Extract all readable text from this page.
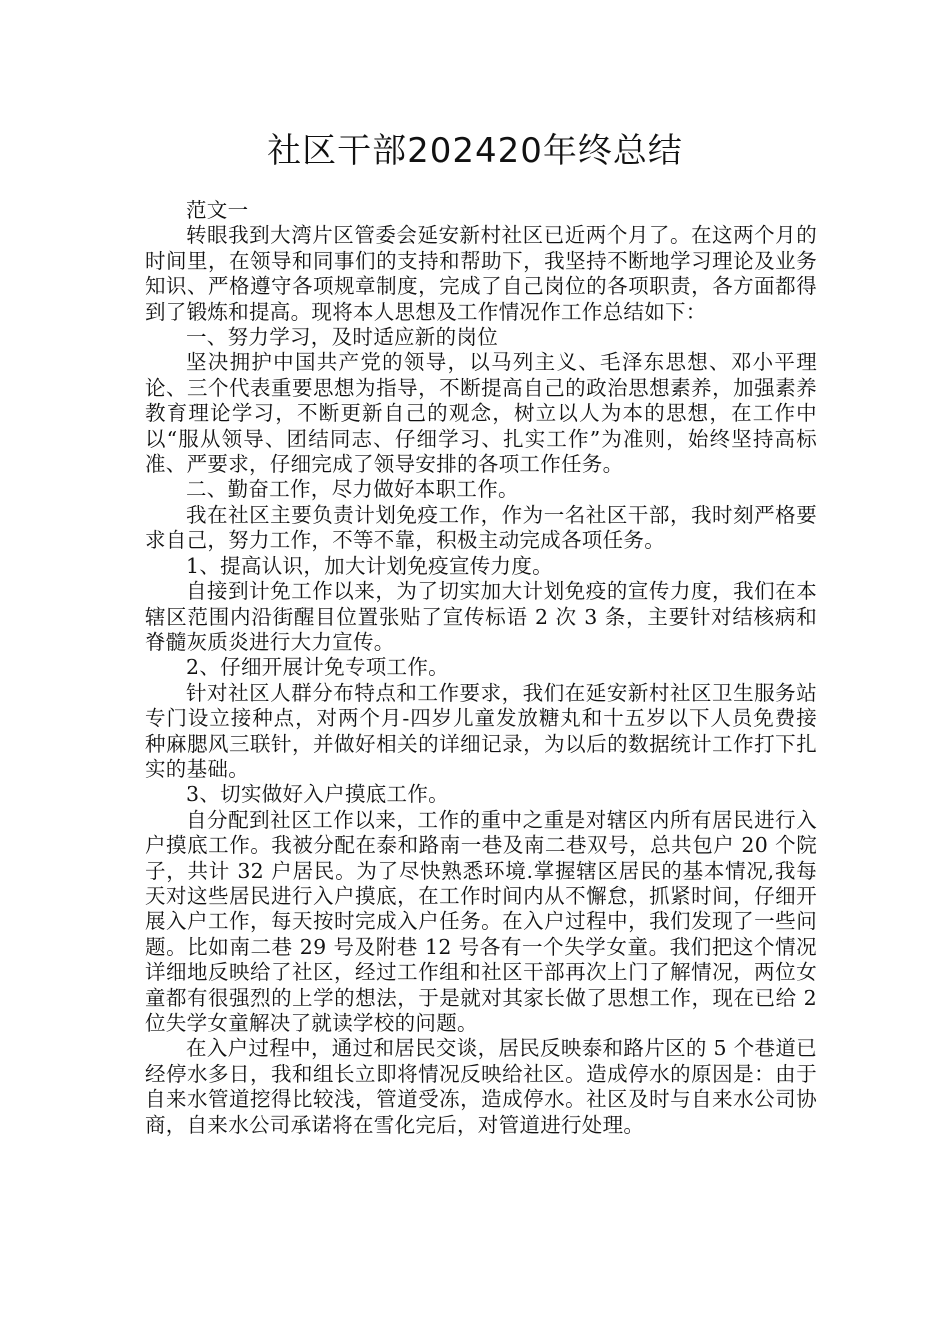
社区干部202420年终总结

范文一

转眼我到大湾片区管委会延安新村社区已近两个月了。在这两个月的时间里，在领导和同事们的支持和帮助下，我坚持不断地学习理论及业务知识、严格遵守各项规章制度，完成了自己岗位的各项职责，各方面都得到了锻炼和提高。现将本人思想及工作情况作工作总结如下：

一、努力学习，及时适应新的岗位

坚决拥护中国共产党的领导，以马列主义、毛泽东思想、邓小平理论、三个代表重要思想为指导，不断提高自己的政治思想素养，加强素养教育理论学习，不断更新自己的观念，树立以人为本的思想，在工作中以“服从领导、团结同志、仔细学习、扎实工作”为准则，始终坚持高标准、严要求，仔细完成了领导安排的各项工作任务。

二、勤奋工作，尽力做好本职工作。

我在社区主要负责计划免疫工作，作为一名社区干部，我时刻严格要求自己，努力工作，不等不靠，积极主动完成各项任务。

1、提高认识，加大计划免疫宣传力度。

自接到计免工作以来，为了切实加大计划免疫的宣传力度，我们在本辖区范围内沿街醒目位置张贴了宣传标语 2 次 3 条，主要针对结核病和脊髓灰质炎进行大力宣传。

2、仔细开展计免专项工作。

针对社区人群分布特点和工作要求，我们在延安新村社区卫生服务站专门设立接种点，对两个月-四岁儿童发放糖丸和十五岁以下人员免费接种麻腮风三联针，并做好相关的详细记录，为以后的数据统计工作打下扎实的基础。

3、切实做好入户摸底工作。

自分配到社区工作以来，工作的重中之重是对辖区内所有居民进行入户摸底工作。我被分配在泰和路南一巷及南二巷双号，总共包户 20 个院子，共计 32 户居民。为了尽快熟悉环境.掌握辖区居民的基本情况,我每天对这些居民进行入户摸底，在工作时间内从不懈怠，抓紧时间，仔细开展入户工作，每天按时完成入户任务。在入户过程中，我们发现了一些问题。比如南二巷 29 号及附巷 12 号各有一个失学女童。我们把这个情况详细地反映给了社区，经过工作组和社区干部再次上门了解情况，两位女童都有很强烈的上学的想法，于是就对其家长做了思想工作，现在已给 2 位失学女童解决了就读学校的问题。

在入户过程中，通过和居民交谈，居民反映泰和路片区的 5 个巷道已经停水多日，我和组长立即将情况反映给社区。造成停水的原因是：由于自来水管道挖得比较浅，管道受冻，造成停水。社区及时与自来水公司协商，自来水公司承诺将在雪化完后，对管道进行处理。
